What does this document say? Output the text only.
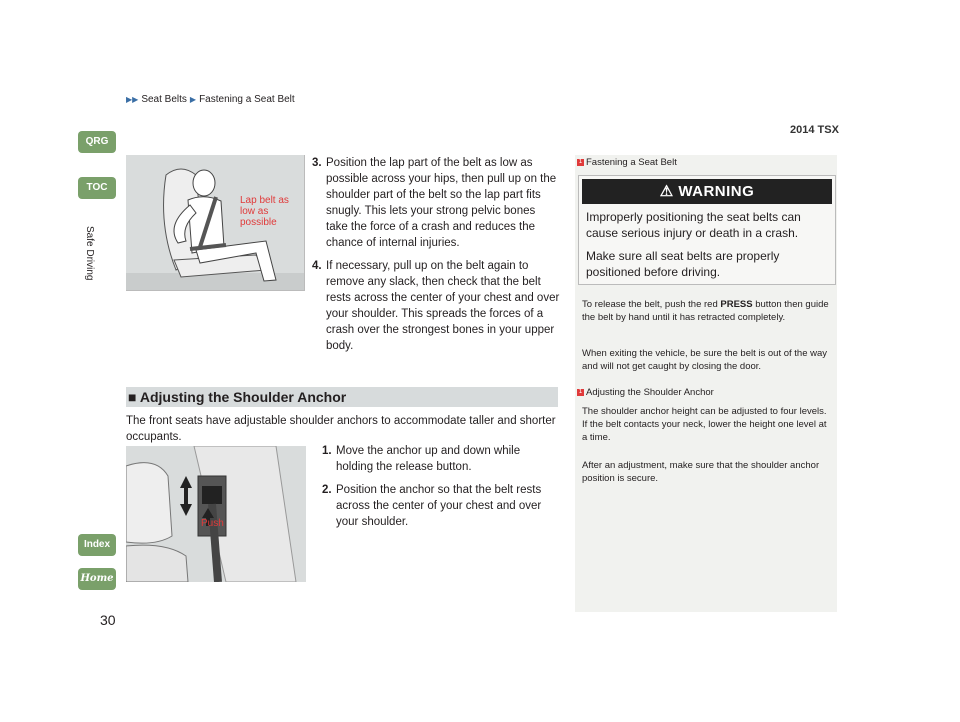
▶▶ Seat Belts ▶ Fastening a Seat Belt
2014 TSX
QRG
TOC
Safe Driving
Index
Home
Lap belt as low as possible
3. Position the lap part of the belt as low as possible across your hips, then pull up on the shoulder part of the belt so the lap part fits snugly. This lets your strong pelvic bones take the force of a crash and reduces the chance of internal injuries.
4. If necessary, pull up on the belt again to remove any slack, then check that the belt rests across the center of your chest and over your shoulder. This spreads the forces of a crash over the strongest bones in your upper body.
■ Adjusting the Shoulder Anchor
The front seats have adjustable shoulder anchors to accommodate taller and shorter occupants.
Push
1. Move the anchor up and down while holding the release button.
2. Position the anchor so that the belt rests across the center of your chest and over your shoulder.
1 Fastening a Seat Belt
⚠ WARNING

Improperly positioning the seat belts can cause serious injury or death in a crash.

Make sure all seat belts are properly positioned before driving.

To release the belt, push the red PRESS button then guide the belt by hand until it has retracted completely.
When exiting the vehicle, be sure the belt is out of the way and will not get caught by closing the door.
1 Adjusting the Shoulder Anchor
The shoulder anchor height can be adjusted to four levels. If the belt contacts your neck, lower the height one level at a time.
After an adjustment, make sure that the shoulder anchor position is secure.
30
